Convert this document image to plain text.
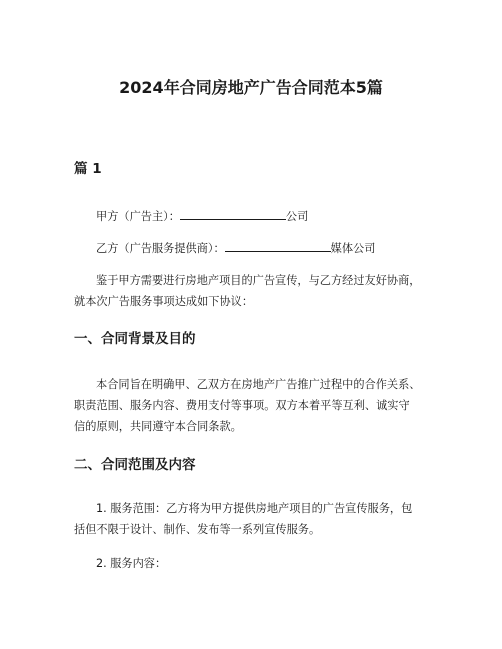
2024年合同房地产广告合同范本5篇
篇 1
甲方（广告主）：	公司
乙方（广告服务提供商）：	媒体公司
鉴于甲方需要进行房地产项目的广告宣传，与乙方经过友好协商，
就本次广告服务事项达成如下协议：
一、合同背景及目的
本合同旨在明确甲、乙双方在房地产广告推广过程中的合作关系、
职责范围、服务内容、费用支付等事项。双方本着平等互利、诚实守
信的原则，共同遵守本合同条款。
二、合同范围及内容
1. 服务范围：乙方将为甲方提供房地产项目的广告宣传服务，包
括但不限于设计、制作、发布等一系列宣传服务。
2. 服务内容：
